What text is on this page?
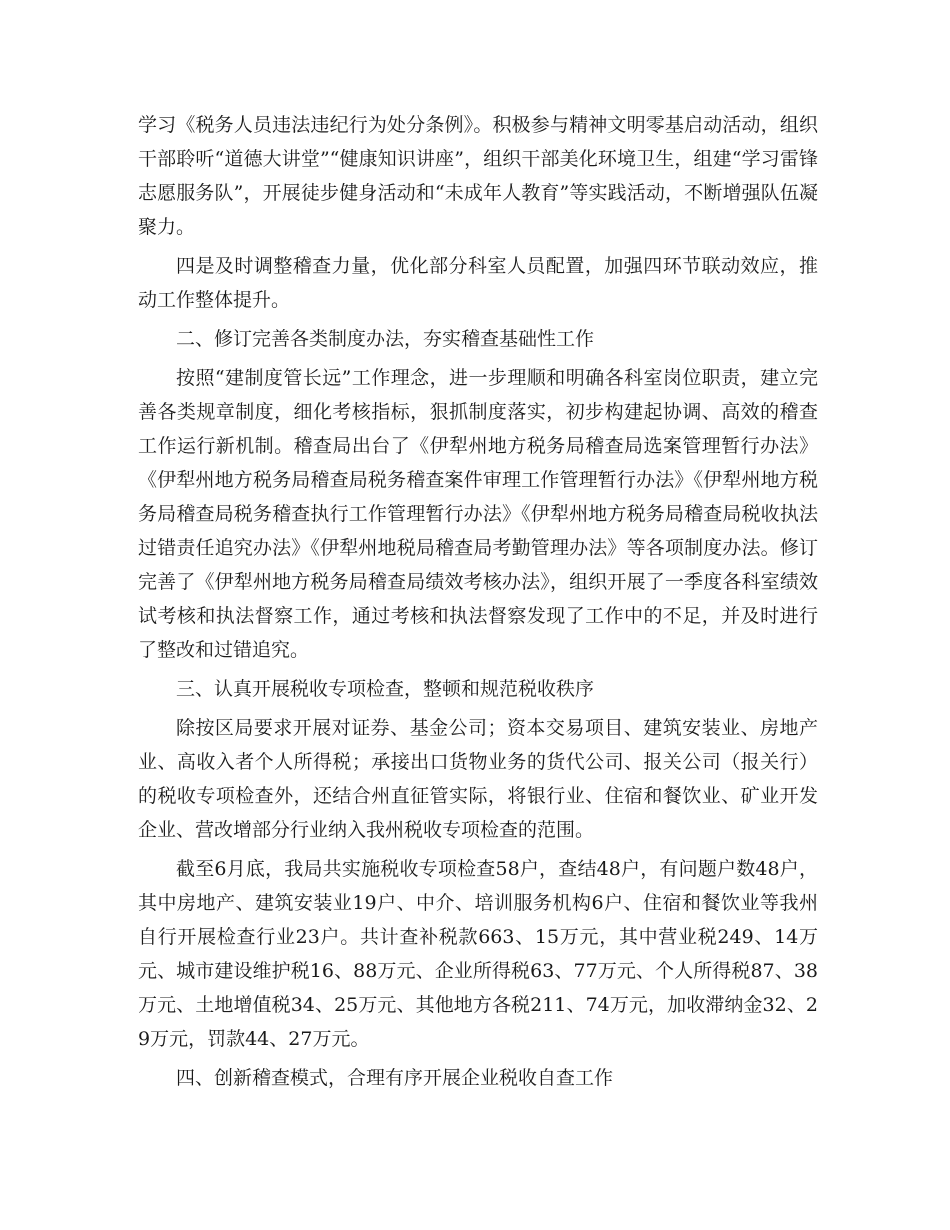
学习《税务人员违法违纪行为处分条例》。积极参与精神文明零基启动活动，组织干部聆听“道德大讲堂”“健康知识讲座”，组织干部美化环境卫生，组建“学习雷锋志愿服务队”，开展徒步健身活动和“未成年人教育”等实践活动，不断增强队伍凝聚力。

四是及时调整稽查力量，优化部分科室人员配置，加强四环节联动效应，推动工作整体提升。

二、修订完善各类制度办法，夯实稽查基础性工作

按照“建制度管长远”工作理念，进一步理顺和明确各科室岗位职责，建立完善各类规章制度，细化考核指标，狠抓制度落实，初步构建起协调、高效的稽查工作运行新机制。稽查局出台了《伊犁州地方税务局稽查局选案管理暂行办法》《伊犁州地方税务局稽查局税务稽查案件审理工作管理暂行办法》《伊犁州地方税务局稽查局税务稽查执行工作管理暂行办法》《伊犁州地方税务局稽查局税收执法过错责任追究办法》《伊犁州地税局稽查局考勤管理办法》等各项制度办法。修订完善了《伊犁州地方税务局稽查局绩效考核办法》，组织开展了一季度各科室绩效试考核和执法督察工作，通过考核和执法督察发现了工作中的不足，并及时进行了整改和过错追究。

三、认真开展税收专项检查，整顿和规范税收秩序

除按区局要求开展对证券、基金公司；资本交易项目、建筑安装业、房地产业、高收入者个人所得税；承接出口货物业务的货代公司、报关公司（报关行）的税收专项检查外，还结合州直征管实际，将银行业、住宿和餐饮业、矿业开发企业、营改增部分行业纳入我州税收专项检查的范围。

截至6月底，我局共实施税收专项检查58户，查结48户，有问题户数48户，其中房地产、建筑安装业19户、中介、培训服务机构6户、住宿和餐饮业等我州自行开展检查行业23户。共计查补税款663、15万元，其中营业税249、14万元、城市建设维护税16、88万元、企业所得税63、77万元、个人所得税87、38万元、土地增值税34、25万元、其他地方各税211、74万元，加收滞纳金32、29万元，罚款44、27万元。

四、创新稽查模式，合理有序开展企业税收自查工作
